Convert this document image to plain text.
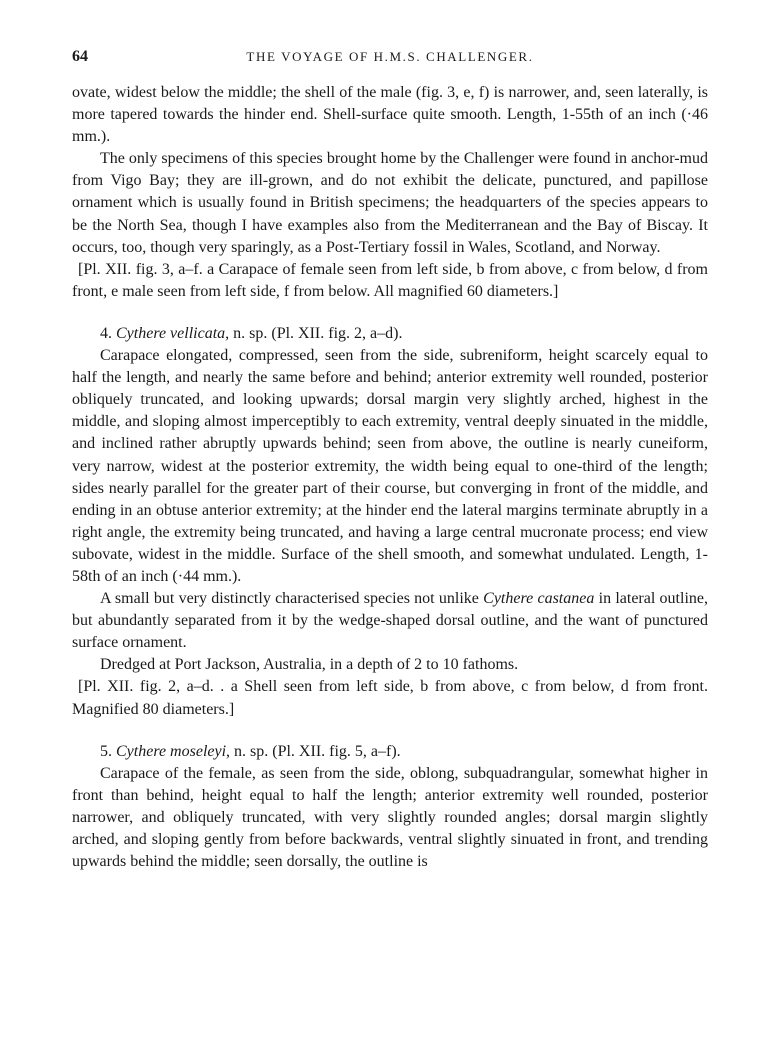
64	THE VOYAGE OF H.M.S. CHALLENGER.

ovate, widest below the middle; the shell of the male (fig. 3, e, f) is narrower, and, seen laterally, is more tapered towards the hinder end. Shell-surface quite smooth. Length, 1-55th of an inch (·46 mm.).

The only specimens of this species brought home by the Challenger were found in anchor-mud from Vigo Bay; they are ill-grown, and do not exhibit the delicate, punctured, and papillose ornament which is usually found in British specimens; the headquarters of the species appears to be the North Sea, though I have examples also from the Mediterranean and the Bay of Biscay. It occurs, too, though very sparingly, as a Post-Tertiary fossil in Wales, Scotland, and Norway.

[Pl. XII. fig. 3, a–f. a Carapace of female seen from left side, b from above, c from below, d from front, e male seen from left side, f from below. All magnified 60 diameters.]

4. Cythere vellicata, n. sp. (Pl. XII. fig. 2, a–d).

Carapace elongated, compressed, seen from the side, subreniform, height scarcely equal to half the length, and nearly the same before and behind; anterior extremity well rounded, posterior obliquely truncated, and looking upwards; dorsal margin very slightly arched, highest in the middle, and sloping almost imperceptibly to each extremity, ventral deeply sinuated in the middle, and inclined rather abruptly upwards behind; seen from above, the outline is nearly cuneiform, very narrow, widest at the posterior extremity, the width being equal to one-third of the length; sides nearly parallel for the greater part of their course, but converging in front of the middle, and ending in an obtuse anterior extremity; at the hinder end the lateral margins terminate abruptly in a right angle, the extremity being truncated, and having a large central mucronate process; end view subovate, widest in the middle. Surface of the shell smooth, and somewhat undulated. Length, 1-58th of an inch (·44 mm.).

A small but very distinctly characterised species not unlike Cythere castanea in lateral outline, but abundantly separated from it by the wedge-shaped dorsal outline, and the want of punctured surface ornament.

Dredged at Port Jackson, Australia, in a depth of 2 to 10 fathoms.

[Pl. XII. fig. 2, a–d. . a Shell seen from left side, b from above, c from below, d from front. Magnified 80 diameters.]

5. Cythere moseleyi, n. sp. (Pl. XII. fig. 5, a–f).

Carapace of the female, as seen from the side, oblong, subquadrangular, somewhat higher in front than behind, height equal to half the length; anterior extremity well rounded, posterior narrower, and obliquely truncated, with very slightly rounded angles; dorsal margin slightly arched, and sloping gently from before backwards, ventral slightly sinuated in front, and trending upwards behind the middle; seen dorsally, the outline is
